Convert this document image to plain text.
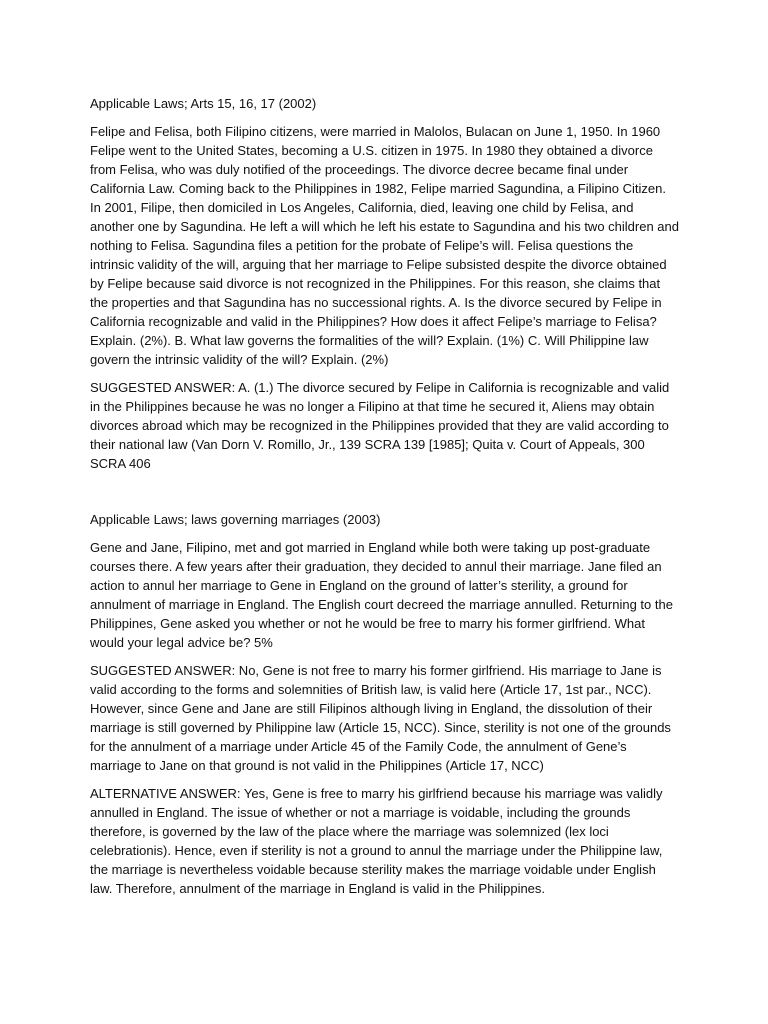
Applicable Laws; Arts 15, 16, 17 (2002)

Felipe and Felisa, both Filipino citizens, were married in Malolos, Bulacan on June 1, 1950. In 1960 Felipe went to the United States, becoming a U.S. citizen in 1975. In 1980 they obtained a divorce from Felisa, who was duly notified of the proceedings. The divorce decree became final under California Law. Coming back to the Philippines in 1982, Felipe married Sagundina, a Filipino Citizen. In 2001, Filipe, then domiciled in Los Angeles, California, died, leaving one child by Felisa, and another one by Sagundina. He left a will which he left his estate to Sagundina and his two children and nothing to Felisa. Sagundina files a petition for the probate of Felipe’s will. Felisa questions the intrinsic validity of the will, arguing that her marriage to Felipe subsisted despite the divorce obtained by Felipe because said divorce is not recognized in the Philippines. For this reason, she claims that the properties and that Sagundina has no successional rights. A. Is the divorce secured by Felipe in California recognizable and valid in the Philippines? How does it affect Felipe’s marriage to Felisa? Explain. (2%). B. What law governs the formalities of the will? Explain. (1%) C. Will Philippine law govern the intrinsic validity of the will? Explain. (2%)

SUGGESTED ANSWER: A. (1.) The divorce secured by Felipe in California is recognizable and valid in the Philippines because he was no longer a Filipino at that time he secured it, Aliens may obtain divorces abroad which may be recognized in the Philippines provided that they are valid according to their national law (Van Dorn V. Romillo, Jr., 139 SCRA 139 [1985]; Quita v. Court of Appeals, 300 SCRA 406

Applicable Laws; laws governing marriages (2003)

Gene and Jane, Filipino, met and got married in England while both were taking up post-graduate courses there. A few years after their graduation, they decided to annul their marriage. Jane filed an action to annul her marriage to Gene in England on the ground of latter’s sterility, a ground for annulment of marriage in England. The English court decreed the marriage annulled. Returning to the Philippines, Gene asked you whether or not he would be free to marry his former girlfriend. What would your legal advice be? 5%

SUGGESTED ANSWER: No, Gene is not free to marry his former girlfriend. His marriage to Jane is valid according to the forms and solemnities of British law, is valid here (Article 17, 1st par., NCC). However, since Gene and Jane are still Filipinos although living in England, the dissolution of their marriage is still governed by Philippine law (Article 15, NCC). Since, sterility is not one of the grounds for the annulment of a marriage under Article 45 of the Family Code, the annulment of Gene’s marriage to Jane on that ground is not valid in the Philippines (Article 17, NCC)

ALTERNATIVE ANSWER: Yes, Gene is free to marry his girlfriend because his marriage was validly annulled in England. The issue of whether or not a marriage is voidable, including the grounds therefore, is governed by the law of the place where the marriage was solemnized (lex loci celebrationis). Hence, even if sterility is not a ground to annul the marriage under the Philippine law, the marriage is nevertheless voidable because sterility makes the marriage voidable under English law. Therefore, annulment of the marriage in England is valid in the Philippines.
